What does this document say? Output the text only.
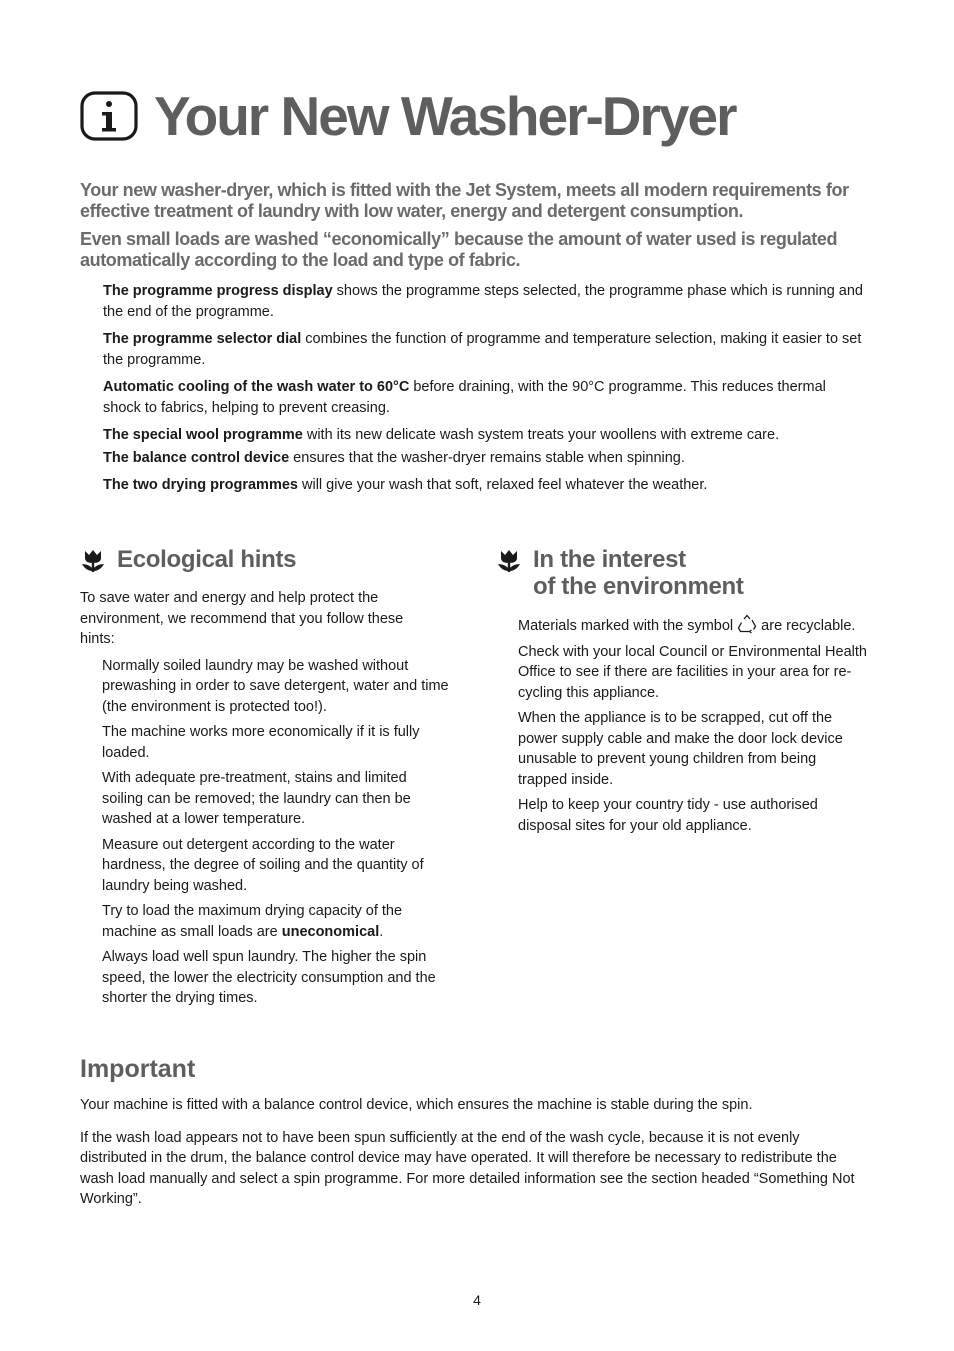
Your New Washer-Dryer

Your new washer-dryer, which is fitted with the Jet System, meets all modern requirements for effective treatment of laundry with low water, energy and detergent consumption.

Even small loads are washed “economically” because the amount of water used is regulated automatically according to the load and type of fabric.

The programme progress display shows the programme steps selected, the programme phase which is running and the end of the programme.

The programme selector dial combines the function of programme and temperature selection, making it easier to set the programme.

Automatic cooling of the wash water to 60°C before draining, with the 90°C programme. This reduces thermal shock to fabrics, helping to prevent creasing.

The special wool programme with its new delicate wash system treats your woollens with extreme care.

The balance control device ensures that the washer-dryer remains stable when spinning.

The two drying programmes will give your wash that soft, relaxed feel whatever the weather.

Ecological hints

To save water and energy and help protect the environment, we recommend that you follow these hints:

Normally soiled laundry may be washed without prewashing in order to save detergent, water and time (the environment is protected too!).

The machine works more economically if it is fully loaded.

With adequate pre-treatment, stains and limited soiling can be removed; the laundry can then be washed at a lower temperature.

Measure out detergent according to the water hardness, the degree of soiling and the quantity of laundry being washed.

Try to load the maximum drying capacity of the machine as small loads are uneconomical.

Always load well spun laundry. The higher the spin speed, the lower the electricity consumption and the shorter the drying times.

In the interest
of the environment

Materials marked with the symbol are recyclable.

Check with your local Council or Environmental Health Office to see if there are facilities in your area for re-cycling this appliance.

When the appliance is to be scrapped, cut off the power supply cable and make the door lock device unusable to prevent young children from being trapped inside.

Help to keep your country tidy - use authorised disposal sites for your old appliance.

Important

Your machine is fitted with a balance control device, which ensures the machine is stable during the spin.

If the wash load appears not to have been spun sufficiently at the end of the wash cycle, because it is not evenly distributed in the drum, the balance control device may have operated. It will therefore be necessary to redistribute the wash load manually and select a spin programme. For more detailed information see the section headed “Something Not Working”.

4
